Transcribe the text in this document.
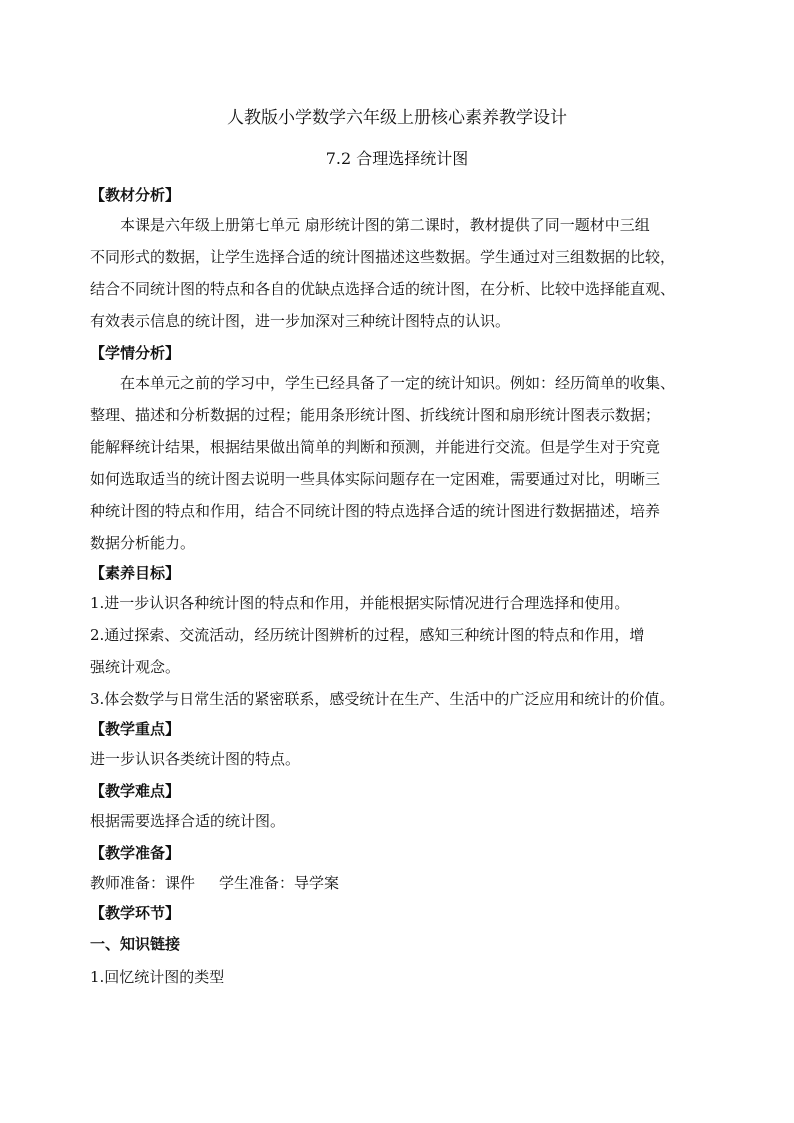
人教版小学数学六年级上册核心素养教学设计
7.2 合理选择统计图
【教材分析】
本课是六年级上册第七单元 扇形统计图的第二课时，教材提供了同一题材中三组
不同形式的数据，让学生选择合适的统计图描述这些数据。学生通过对三组数据的比较，
结合不同统计图的特点和各自的优缺点选择合适的统计图，在分析、比较中选择能直观、
有效表示信息的统计图，进一步加深对三种统计图特点的认识。
【学情分析】
在本单元之前的学习中，学生已经具备了一定的统计知识。例如：经历简单的收集、
整理、描述和分析数据的过程；能用条形统计图、折线统计图和扇形统计图表示数据；
能解释统计结果，根据结果做出简单的判断和预测，并能进行交流。但是学生对于究竟
如何选取适当的统计图去说明一些具体实际问题存在一定困难，需要通过对比，明晰三
种统计图的特点和作用，结合不同统计图的特点选择合适的统计图进行数据描述，培养
数据分析能力。
【素养目标】
1.进一步认识各种统计图的特点和作用，并能根据实际情况进行合理选择和使用。
2.通过探索、交流活动，经历统计图辨析的过程，感知三种统计图的特点和作用，增
强统计观念。
3.体会数学与日常生活的紧密联系，感受统计在生产、生活中的广泛应用和统计的价值。
【教学重点】
进一步认识各类统计图的特点。
【教学难点】
根据需要选择合适的统计图。
【教学准备】
教师准备：课件 学生准备：导学案
【教学环节】
一、知识链接
1.回忆统计图的类型
